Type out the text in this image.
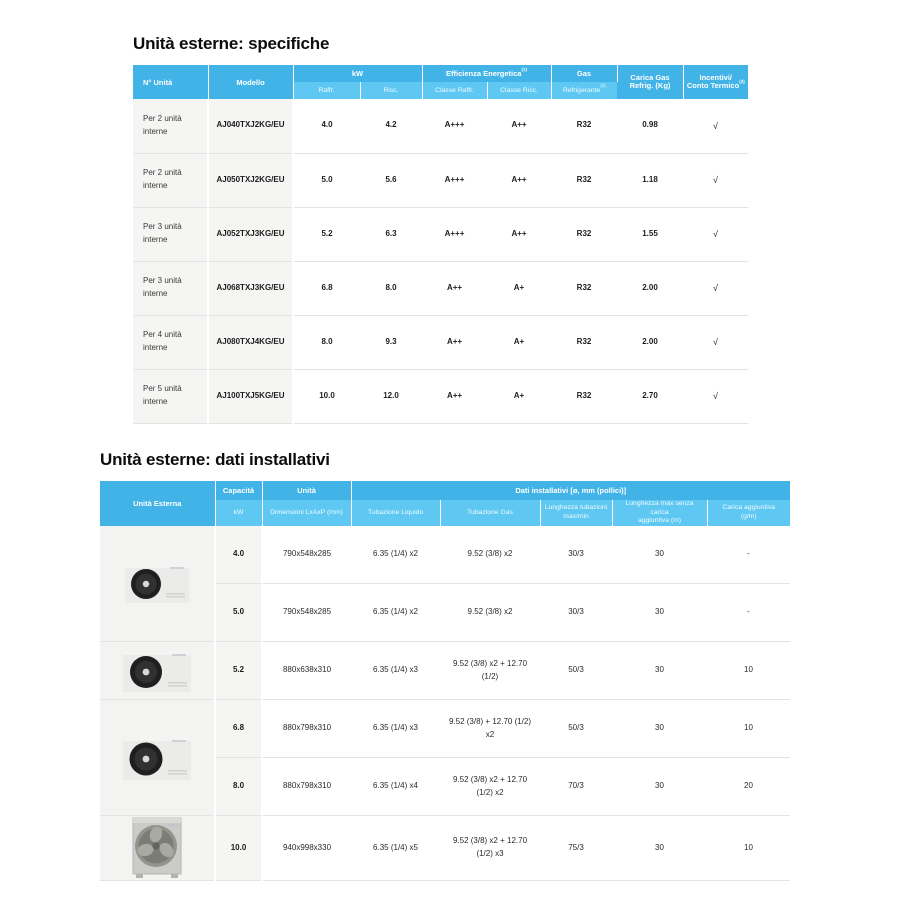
Unità esterne: specifiche
N° Unità	Modello	kW	Efficienza Energetica$^{(1)}$	Gas	Carica Gas
Refrig. (Kg)

Incentivi/
Conto Termico$^{(3)}$

		Raffr.	Risc.	Classe Raffr.	Classe Risc.	Refrigerante$^{(2)}$
Per 2 unità interne	AJ040TXJ2KG/EU	4.0	4.2	A+++	A++	R32	0.98	√
Per 2 unità interne	AJ050TXJ2KG/EU	5.0	5.6	A+++	A++	R32	1.18	√
Per 3 unità interne	AJ052TXJ3KG/EU	5.2	6.3	A+++	A++	R32	1.55	√
Per 3 unità interne	AJ068TXJ3KG/EU	6.8	8.0	A++	A+	R32	2.00	√
Per 4 unità interne	AJ080TXJ4KG/EU	8.0	9.3	A++	A+	R32	2.00	√
Per 5 unità interne	AJ100TXJ5KG/EU	10.0	12.0	A++	A+	R32	2.70	√
Unità esterne: dati installativi
Unità Esterna	Capacità	Unità	Dati installativi [ø, mm (pollici)]				
kW	Dimensioni LxAxP (mm)	Tubazione Liquido	Tubazione Gas	
Lunghezza tubazioni
max/min

Lunghezza max senza carica
aggiuntiva (m)

Carica aggiuntiva
(g/m)

	4.0	790x548x285	6.35 (1/4) x2	9.52 (3/8) x2	30/3	30	-
	5.0	790x548x285	6.35 (1/4) x2	9.52 (3/8) x2	30/3	30	-
	5.2	880x638x310	6.35 (1/4) x3	9.52 (3/8) x2 + 12.70 (1/2)	50/3	30	10
	6.8	880x798x310	6.35 (1/4) x3	9.52 (3/8) + 12.70 (1/2) x2	50/3	30	10
	8.0	880x798x310	6.35 (1/4) x4	9.52 (3/8) x2 + 12.70 (1/2) x2	70/3	30	20
	10.0	940x998x330	6.35 (1/4) x5	9.52 (3/8) x2 + 12.70 (1/2) x3	75/3	30	10
